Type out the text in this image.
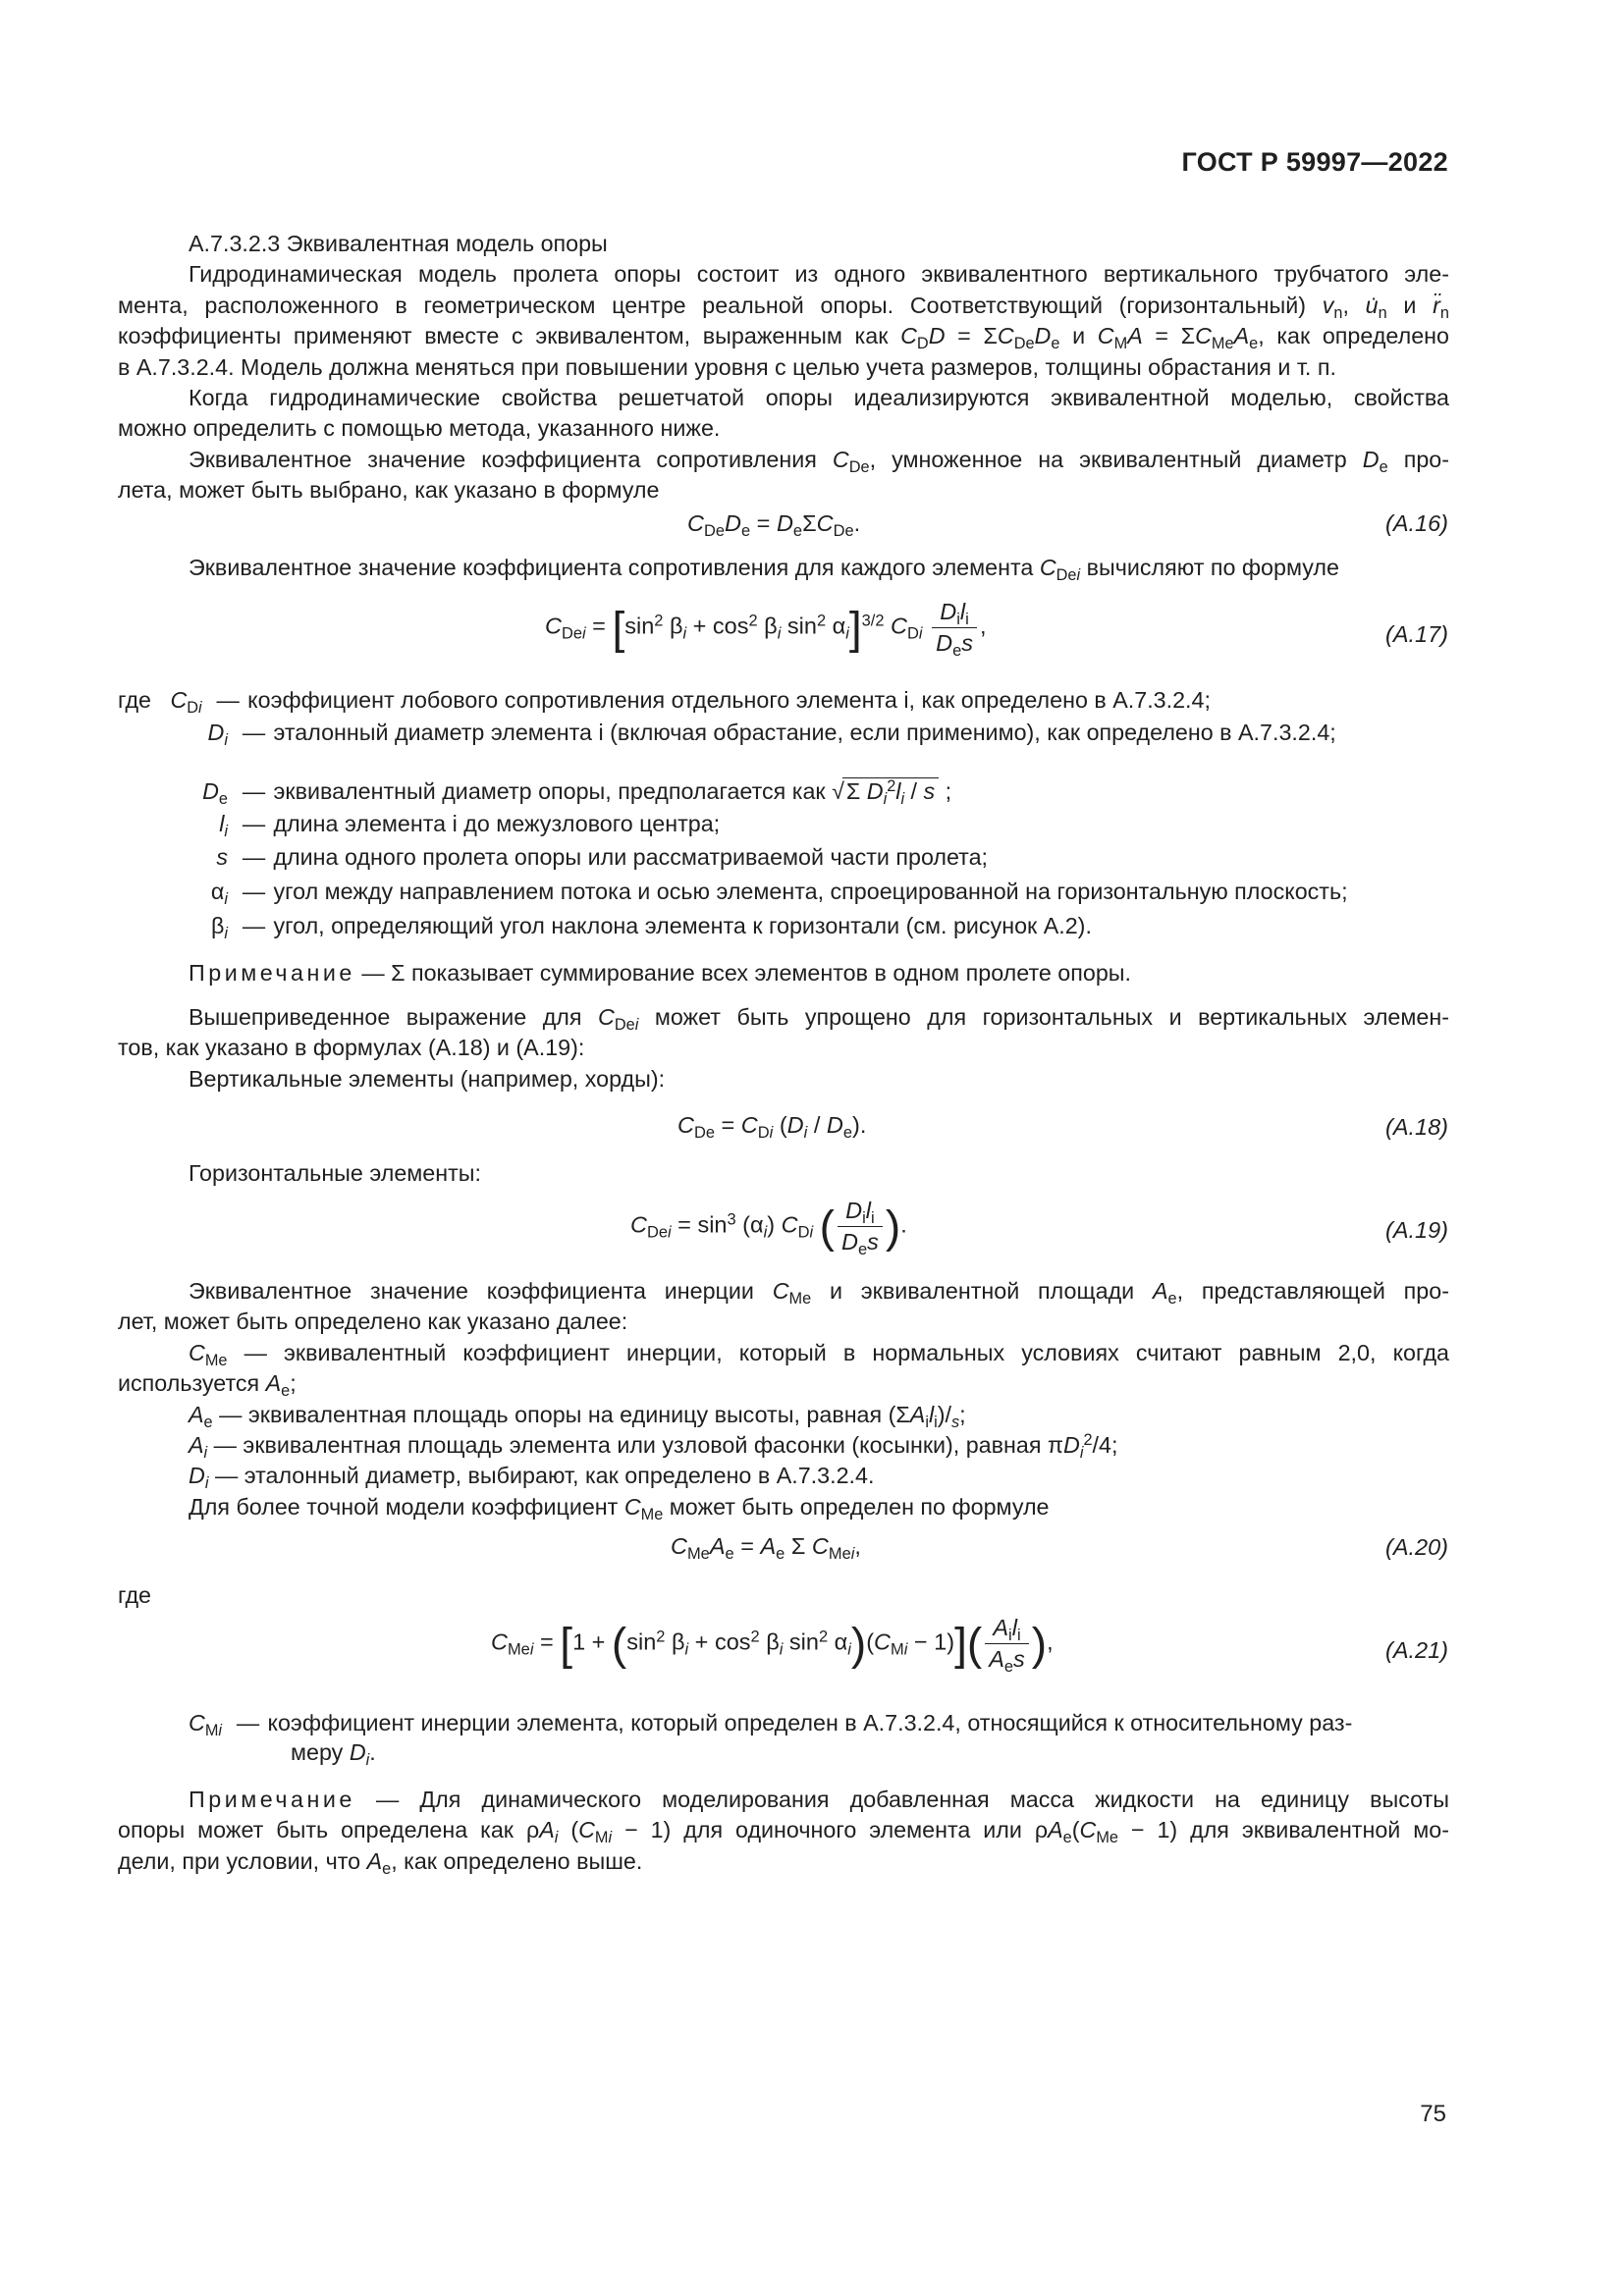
ГОСТ Р 59997—2022
А.7.3.2.3 Эквивалентная модель опоры
Гидродинамическая модель пролета опоры состоит из одного эквивалентного вертикального трубчатого эле-
мента, расположенного в геометрическом центре реальной опоры. Соответствующий (горизонтальный) $v_n$, $u̇_n$ и $r̈_n$
коэффициенты применяют вместе с эквивалентом, выраженным как $C_DD = \Sigma C_{De}D_e$ и $C_MA = \Sigma C_{Me}A_e$, как определено
в А.7.3.2.4. Модель должна меняться при повышении уровня с целью учета размеров, толщины обрастания и т. п.
Когда гидродинамические свойства решетчатой опоры идеализируются эквивалентной моделью, свойства
можно определить с помощью метода, указанного ниже.
Эквивалентное значение коэффициента сопротивления $C_{De}$, умноженное на эквивалентный диаметр $D_e$ про-
лета, может быть выбрано, как указано в формуле
$C_{De}D_e = D_e\Sigma C_{De}$.	(А.16)
Эквивалентное значение коэффициента сопротивления для каждого элемента $C_{Dei}$ вычисляют по формуле
$C_{Dei} = [\sin^2$ $\beta_i + \cos^2 \beta_i$ $\sin^2 \alpha_i]^{3/2}$ $C_{Di} \frac{D_il_i}{D_es}$ ,	(А.17)
где $C_{Di}$ — коэффициент лобового сопротивления отдельного элемента i, как определено в А.7.3.2.4;
$D_i$ — эталонный диаметр элемента i (включая обрастание, если применимо), как определено в А.7.3.2.4;
$D_e$ — эквивалентный диаметр опоры, предполагается как √Σ $D_i^2l_i$ / s ;
$l_i$ — длина элемента i до межузлового центра;
s — длина одного пролета опоры или рассматриваемой части пролета;
$\alpha_i$ — угол между направлением потока и осью элемента, спроецированной на горизонтальную плоскость;
$\beta_i$ — угол, определяющий угол наклона элемента к горизонтали (см. рисунок А.2).
Примечание — Σ показывает суммирование всех элементов в одном пролете опоры.
Вышеприведенное выражение для $C_{Dei}$ может быть упрощено для горизонтальных и вертикальных элемен-
тов, как указано в формулах (А.18) и (А.19):
Вертикальные элементы (например, хорды):
$C_{De} = C_{Di}$ $(D_i / D_e)$.	(А.18)
Горизонтальные элементы:
$C_{Dei} = \sin^3 (\alpha_i)$ $C_{Di}$ ( $\frac{D_il_i}{D_es}$ ).	(А.19)
Эквивалентное значение коэффициента инерции $C_{Me}$ и эквивалентной площади $A_e$, представляющей про-
лет, может быть определено как указано далее:
$C_{Me}$ — эквивалентный коэффициент инерции, который в нормальных условиях считают равным 2,0, когда
используется $A_e$;
$A_e$ — эквивалентная площадь опоры на единицу высоты, равная $(\Sigma A_il_i)/_s$;
$A_i$ — эквивалентная площадь элемента или узловой фасонки (косынки), равная $\pi D_i^2/4$;
$D_i$ — эталонный диаметр, выбирают, как определено в А.7.3.2.4.
Для более точной модели коэффициент $C_{Me}$ может быть определен по формуле
$C_{Me}A_e = A_e$ Σ $C_{Mei}$,	(А.20)
где
$C_{Mei} = [1 + (\sin^2$ $\beta_i + \cos^2 \beta_i$ $\sin^2 \alpha_i)(C_{Mi} - 1)]( \frac{A_il_i}{A_es}$ ),	(А.21)
$C_{Mi}$ — коэффициент инерции элемента, который определен в А.7.3.2.4, относящийся к относительному раз-
меру $D_i$.
Примечание — Для динамического моделирования добавленная масса жидкости на единицу высоты
опоры может быть определена как $\rho A_i$ $(C_{Mi} - 1)$ для одиночного элемента или $\rho A_e(C_{Me} - 1)$ для эквивалентной мо-
дели, при условии, что $A_e$, как определено выше.
75
